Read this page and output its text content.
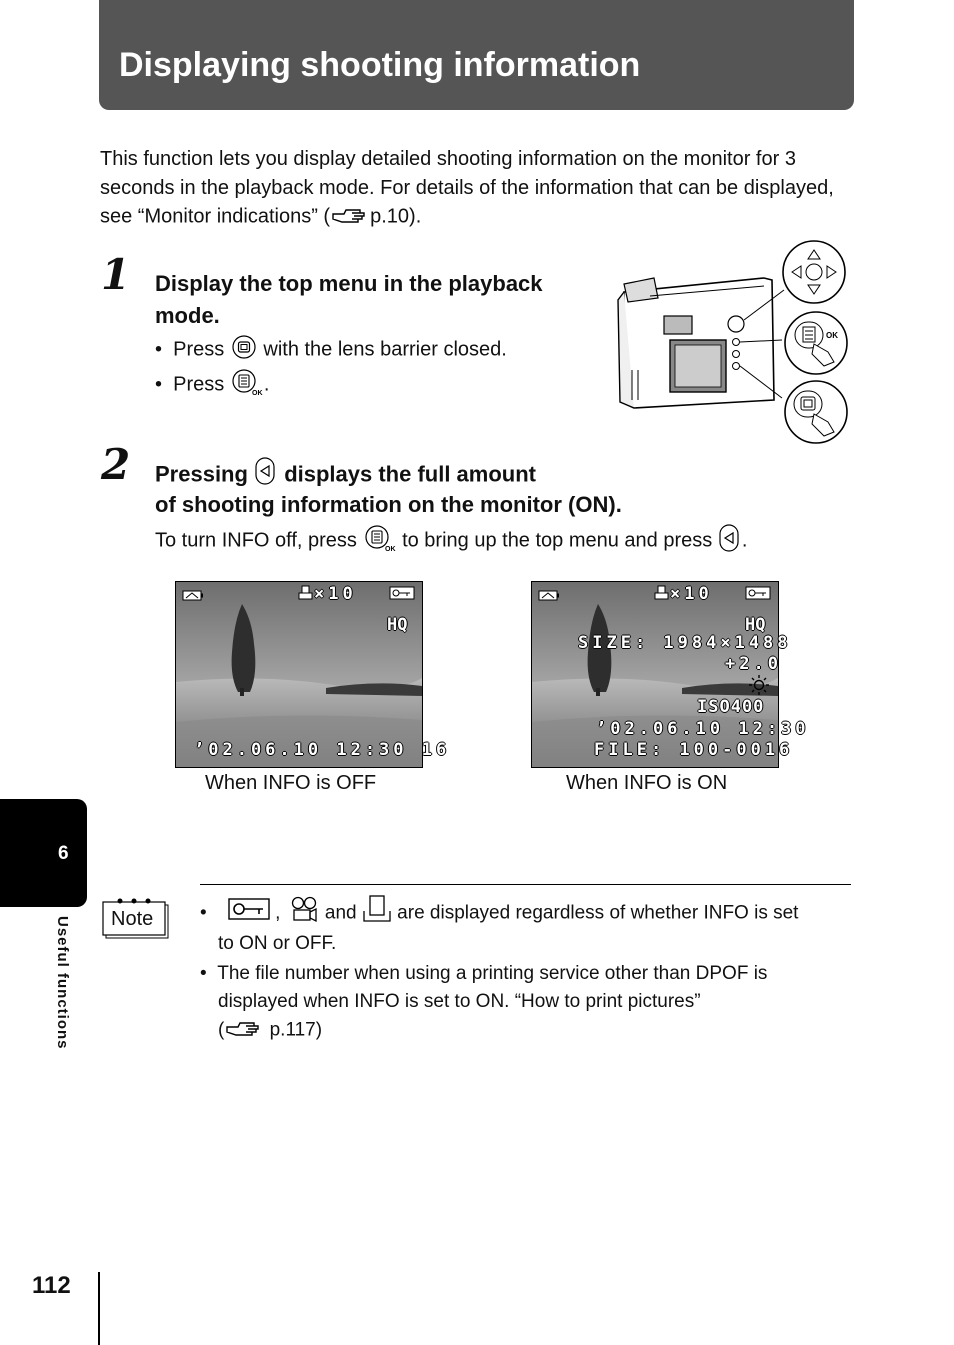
Displaying shooting information
This function lets you display detailed shooting information on the monitor for 3 seconds in the playback mode. For details of the information that can be displayed, see “Monitor indications” ( p.10).
1 Display the top menu in the playback mode.
•  Press with the lens barrier closed.
•  Press	OK .
OK
2 Pressing displays the full amount
of shooting information on the monitor (ON).
To turn INFO off, press	OK to bring up the top menu and press .
×10
HQ
’02.06.10 12:30 16
When INFO is OFF
×10
HQ
SIZE: 1984×1488
+2.0
ISO400
’02.06.10 12:30
FILE: 100-0016
When INFO is ON
6
Useful functions Note •     , and are displayed regardless of whether INFO is set
to ON or OFF.
•  The file number when using a printing service other than DPOF is
displayed when INFO is set to ON. “How to print pictures”
( p.117)
112
